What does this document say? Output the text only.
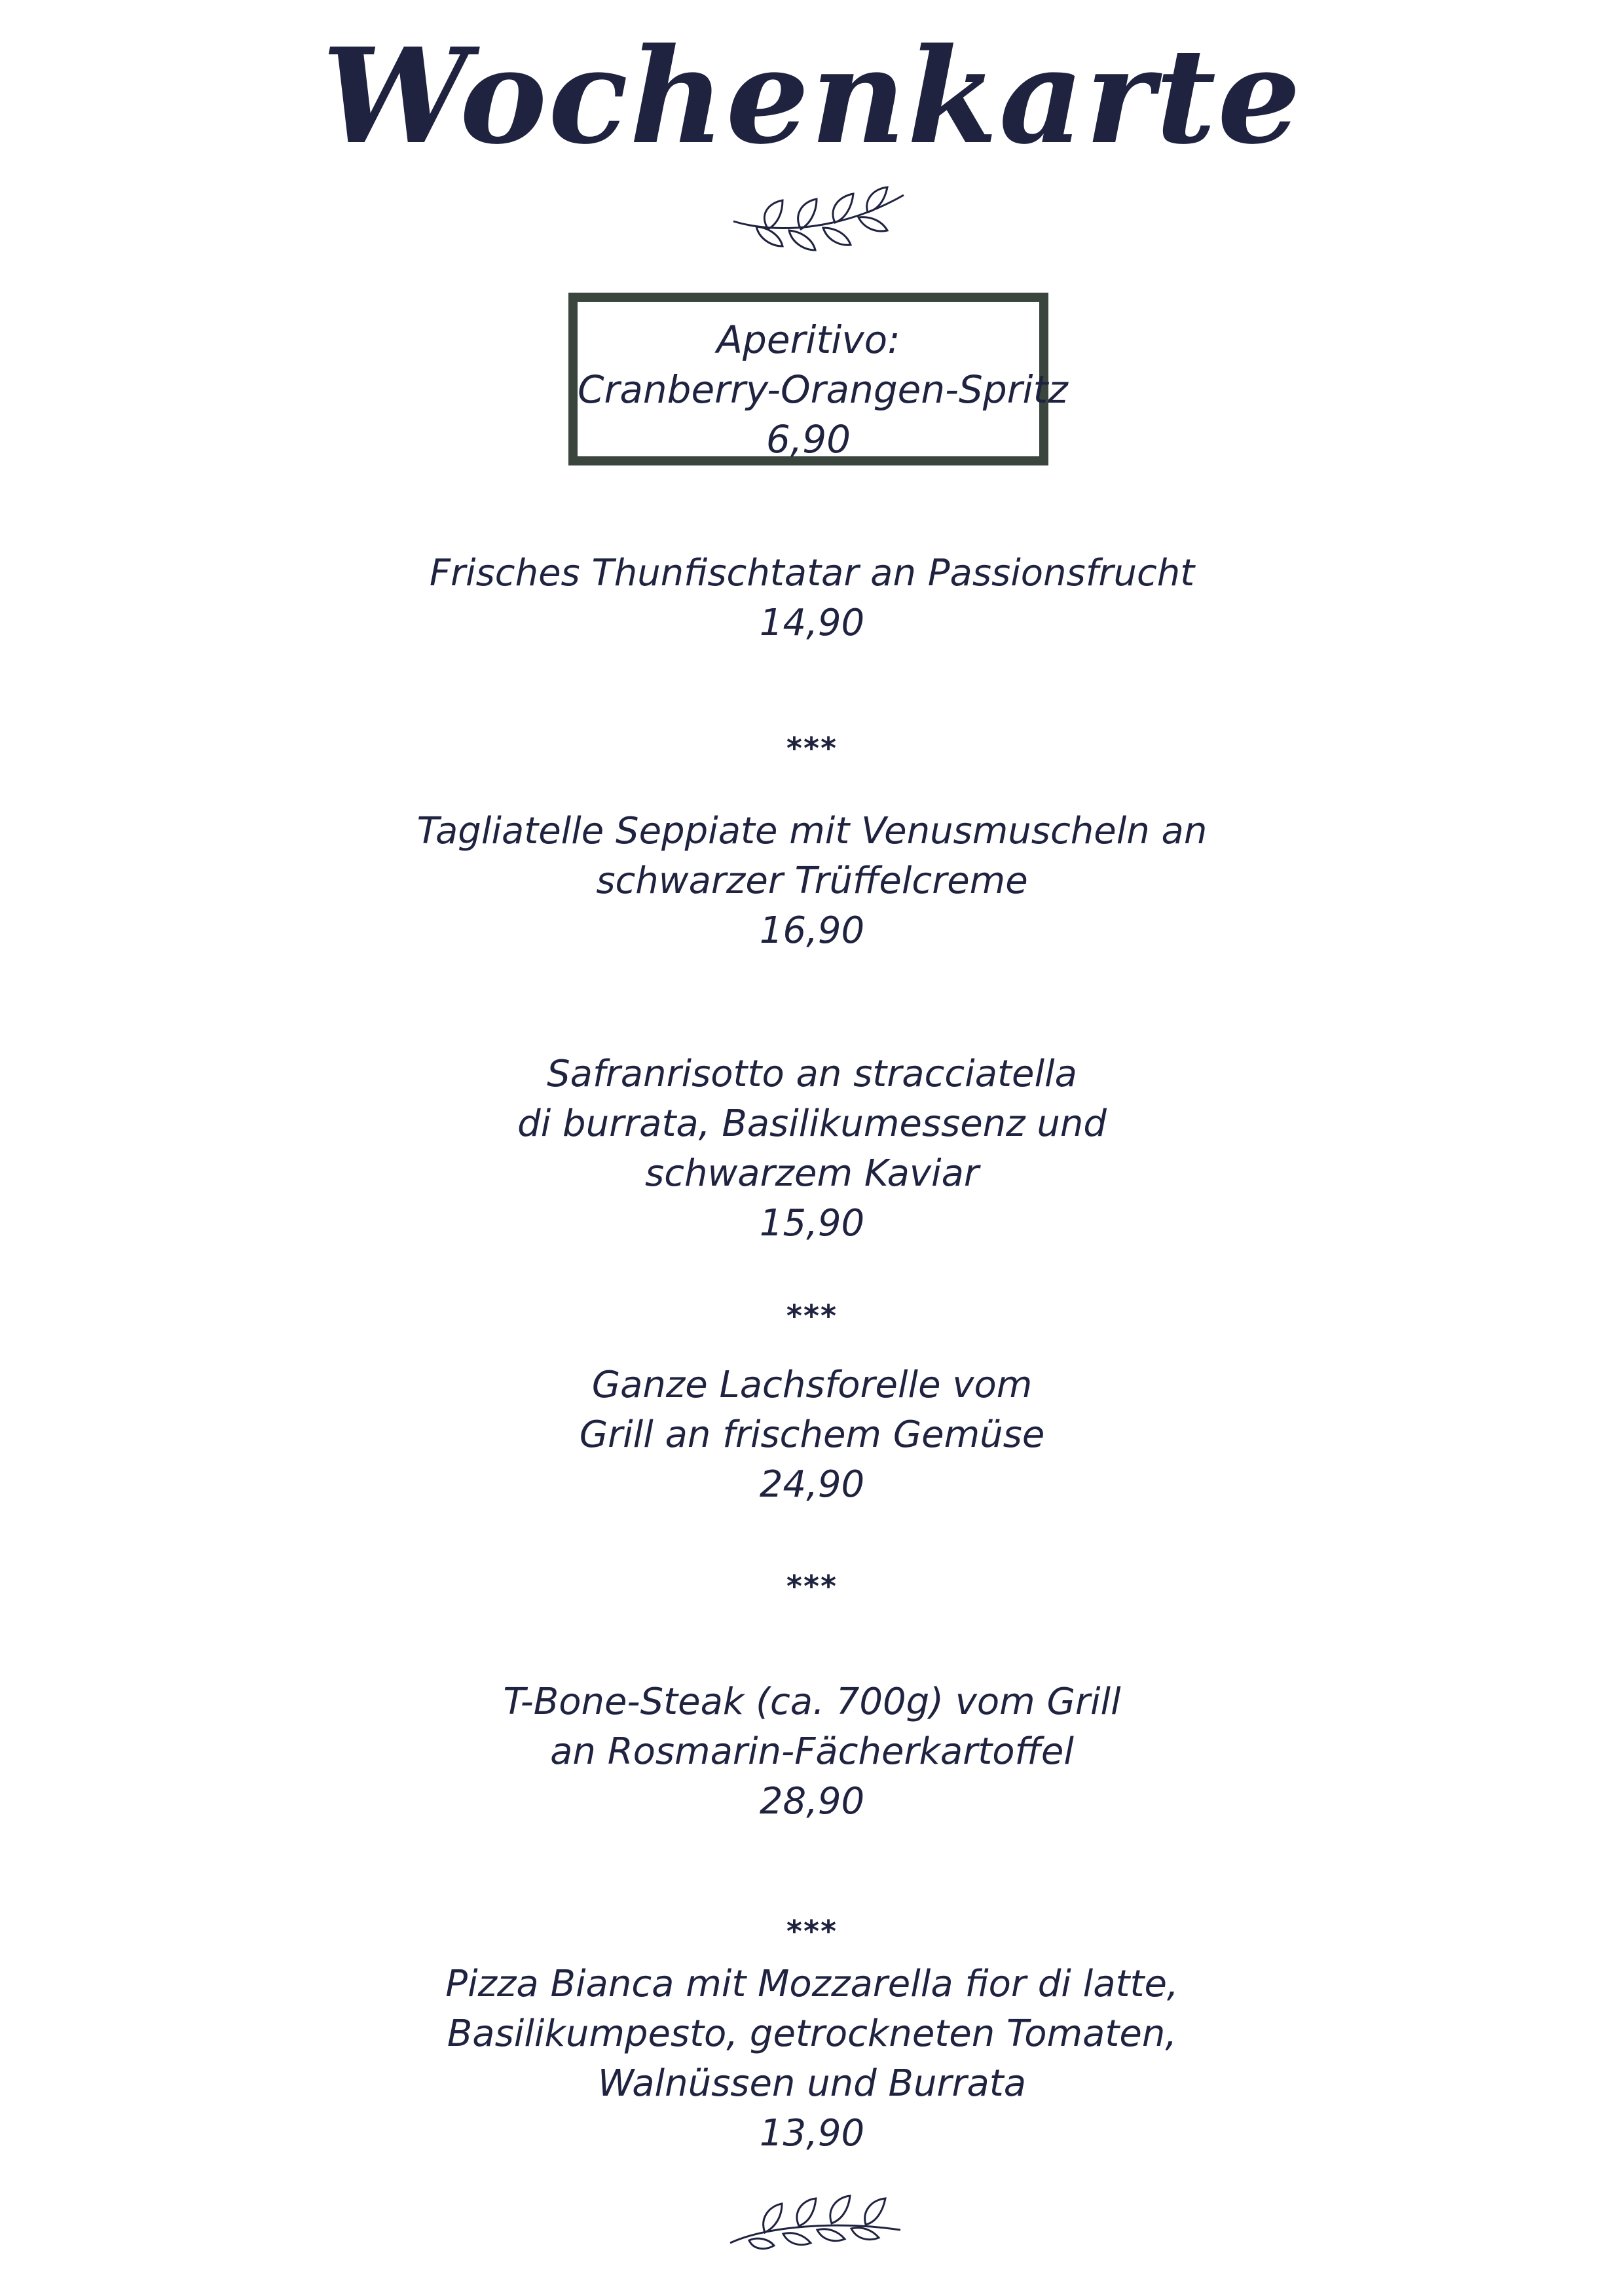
Wochenkarte
Aperitivo:
Cranberry-Orangen-Spritz
6,90
Frisches Thunfischtatar an Passionsfrucht
14,90
***
Tagliatelle Seppiate mit Venusmuscheln an
schwarzer Trüffelcreme
16,90
Safranrisotto an stracciatella
di burrata, Basilikumessenz und
schwarzem Kaviar
15,90
***
Ganze Lachsforelle vom
Grill an frischem Gemüse
24,90
***
T-Bone-Steak (ca. 700g) vom Grill
an Rosmarin-Fächerkartoffel
28,90
***
Pizza Bianca mit Mozzarella fior di latte,
Basilikumpesto, getrockneten Tomaten,
Walnüssen und Burrata
13,90
